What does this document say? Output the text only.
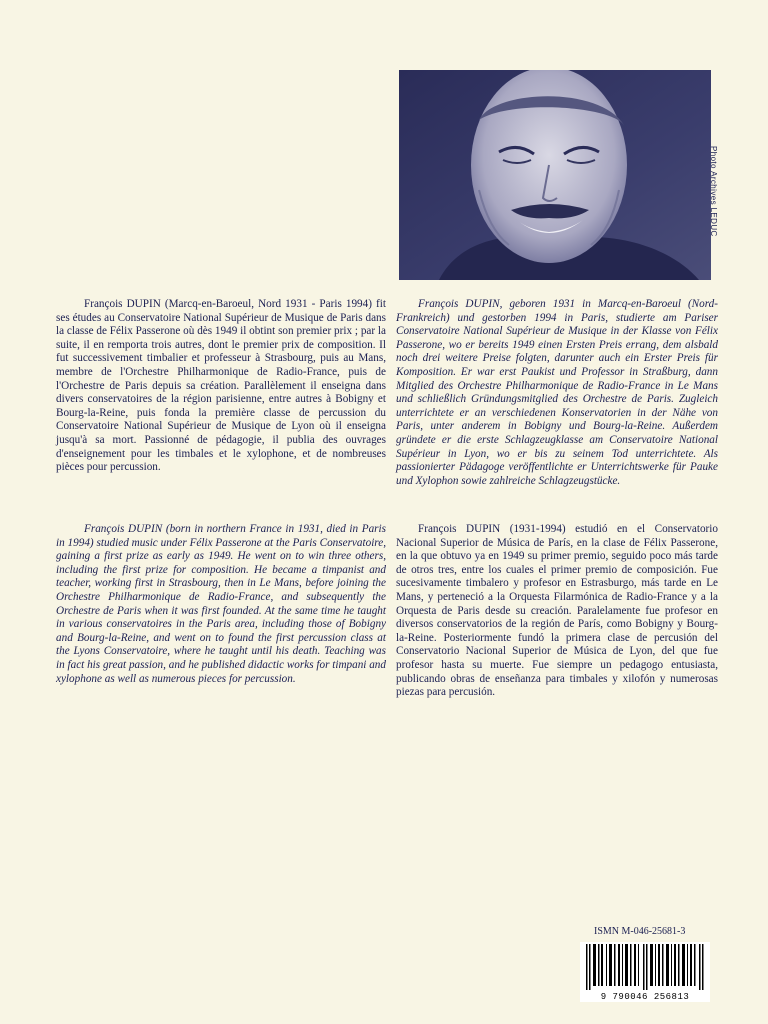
Photo Archives LEDUC

François DUPIN (Marcq-en-Baroeul, Nord 1931 - Paris 1994) fit ses études au Conservatoire National Supérieur de Musique de Paris dans la classe de Félix Passerone où dès 1949 il obtint son premier prix ; par la suite, il en remporta trois autres, dont le premier prix de composition. Il fut successivement timbalier et professeur à Strasbourg, puis au Mans, membre de l'Orchestre Philharmonique de Radio-France, puis de l'Orchestre de Paris depuis sa création. Parallèlement il enseigna dans divers conservatoires de la région parisienne, entre autres à Bobigny et Bourg-la-Reine, puis fonda la première classe de percussion du Conservatoire National Supérieur de Musique de Lyon où il enseigna jusqu'à sa mort. Passionné de pédagogie, il publia des ouvrages d'enseignement pour les timbales et le xylophone, et de nombreuses pièces pour percussion.

François DUPIN (born in northern France in 1931, died in Paris in 1994) studied music under Félix Passerone at the Paris Conservatoire, gaining a first prize as early as 1949. He went on to win three others, including the first prize for composition. He became a timpanist and teacher, working first in Strasbourg, then in Le Mans, before joining the Orchestre Philharmonique de Radio-France, and subsequently the Orchestre de Paris when it was first founded. At the same time he taught in various conservatoires in the Paris area, including those of Bobigny and Bourg-la-Reine, and went on to found the first percussion class at the Lyons Conservatoire, where he taught until his death. Teaching was in fact his great passion, and he published didactic works for timpani and xylophone as well as numerous pieces for percussion.

François DUPIN, geboren 1931 in Marcq-en-Baroeul (Nord-Frankreich) und gestorben 1994 in Paris, studierte am Pariser Conservatoire National Supérieur de Musique in der Klasse von Félix Passerone, wo er bereits 1949 einen Ersten Preis errang, dem alsbald noch drei weitere Preise folgten, darunter auch ein Erster Preis für Komposition. Er war erst Paukist und Professor in Straßburg, dann Mitglied des Orchestre Philharmonique de Radio-France in Le Mans und schließlich Gründungsmitglied des Orchestre de Paris. Zugleich unterrichtete er an verschiedenen Konservatorien in der Nähe von Paris, unter anderem in Bobigny und Bourg-la-Reine. Außerdem gründete er die erste Schlagzeugklasse am Conservatoire National Supérieur in Lyon, wo er bis zu seinem Tod unterrichtete. Als passionierter Pädagoge veröffentlichte er Unterrichtswerke für Pauke und Xylophon sowie zahlreiche Schlagzeugstücke.

François DUPIN (1931-1994) estudió en el Conservatorio Nacional Superior de Música de París, en la clase de Félix Passerone, en la que obtuvo ya en 1949 su primer premio, seguido poco más tarde de otros tres, entre los cuales el primer premio de composición. Fue sucesivamente timbalero y profesor en Estrasburgo, más tarde en Le Mans, y perteneció a la Orquesta Filarmónica de Radio-France y a la Orquesta de Paris desde su creación. Paralelamente fue profesor en diversos conservatorios de la región de París, como Bobigny y Bourg-la-Reine. Posteriormente fundó la primera clase de percusión del Conservatorio Nacional Superior de Música de Lyon, del que fue profesor hasta su muerte. Fue siempre un pedagogo entusiasta, publicando obras de enseñanza para timbales y xilofón y numerosas piezas para percusión.

ISMN M-046-25681-3
9 790046 256813
